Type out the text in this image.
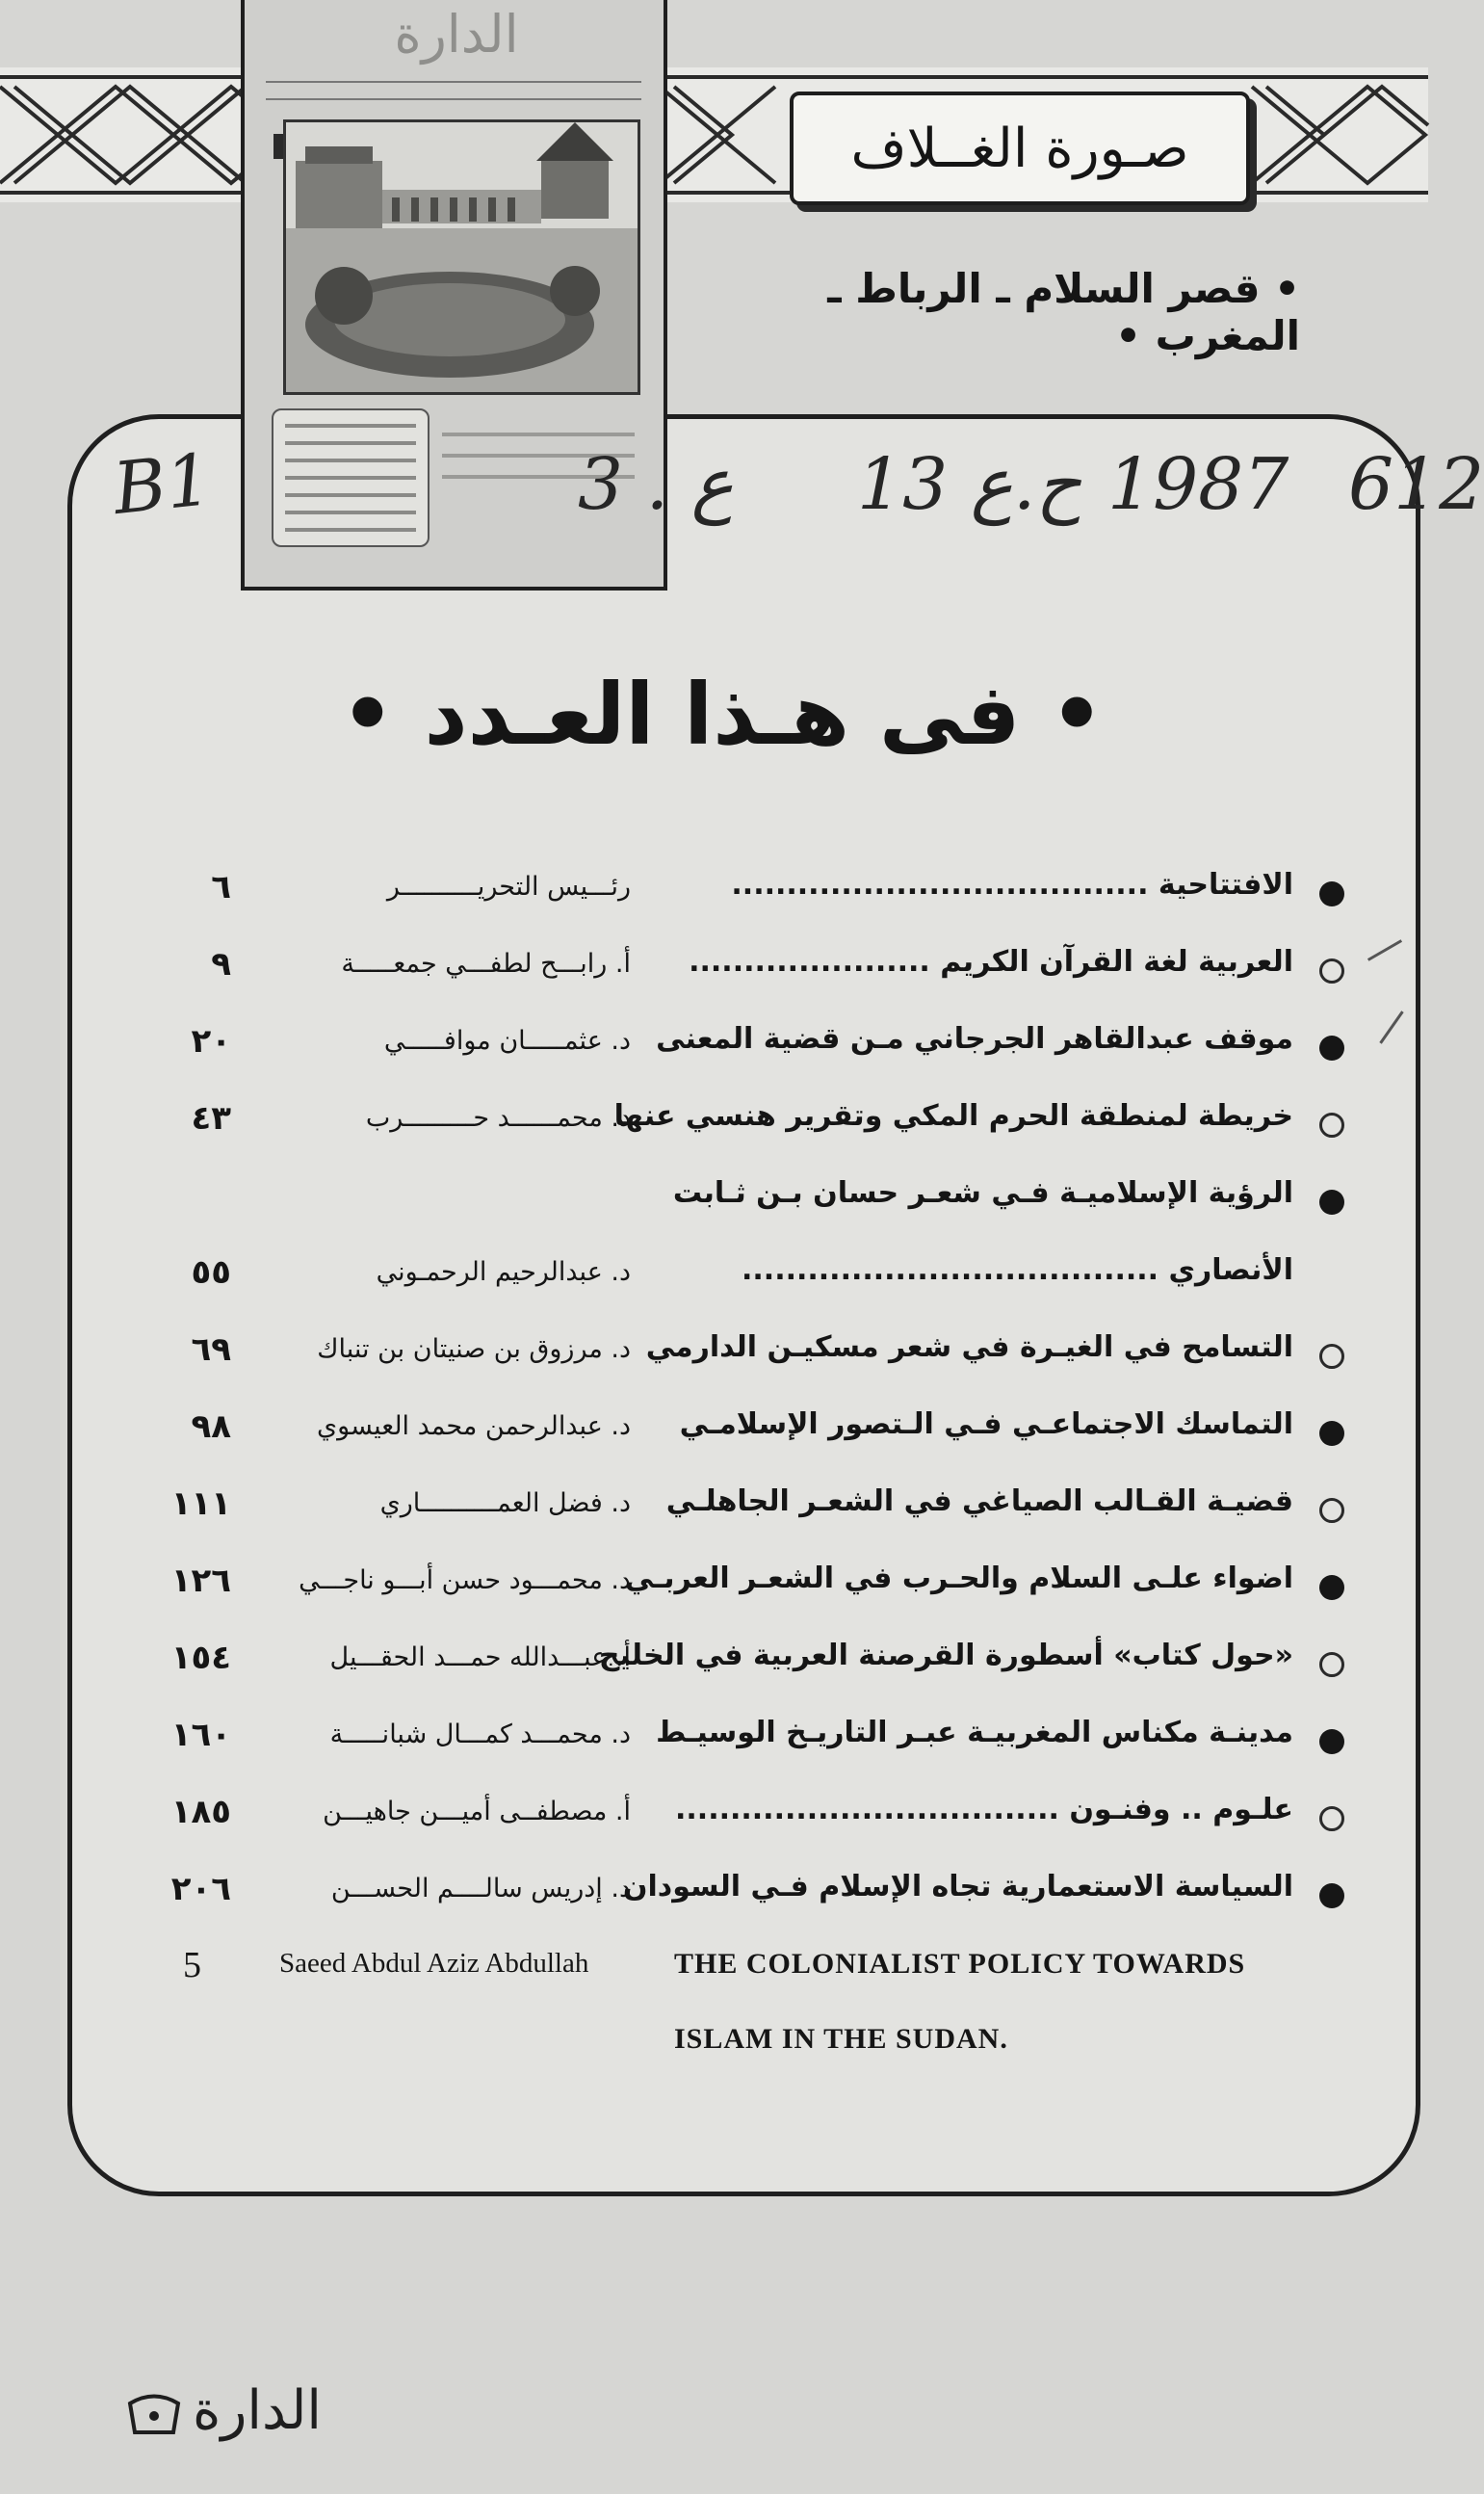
صـورة الغــلاف
• قصر السلام ـ الرباط ـ المغرب •
الدارة
B1	3 . ع 13 ح.ع 1987 612
• فى هـذا العـدد •
الافتتاحية ......................................
رئـــيس التحريــــــــــر
٦
العربية لغة القرآن الكريم ......................
أ. رابـــح لطفـــي جمعـــــة
٩
موقف عبدالقاهر الجرجاني مـن قضية المعنى
د. عثمـــــان موافـــــي
٢٠
خريطة لمنطقة الحرم المكي وتقرير هنسي عنها
د. محمــــــد حـــــــــرب
٤٣
الرؤية الإسلاميـة فـي شعـر حسان بـن ثـابت
الأنصاري ......................................
د. عبدالرحيم الرحمـوني
٥٥
التسامح في الغيـرة في شعر مسكيـن الدارمي
د. مرزوق بن صنيتان بن تنباك
٦٩
التماسك الاجتماعـي فـي الـتصور الإسلامـي
د. عبدالرحمن محمد العيسوي
٩٨
قضيـة القـالب الصياغي في الشعـر الجاهلـي
د. فضل العمــــــــــاري
١١١
اضواء علـى السلام والحـرب في الشعـر العربـي
د. محمـــود حسن أبـــو ناجـــي
١٢٦
«حول كتاب» أسطورة القرصنة العربية في الخليج
أ. عبـــدالله حمـــد الحقـــيل
١٥٤
مدينـة مكناس المغربيـة عبـر التاريـخ الوسيـط
د. محمـــد كمـــال شبانـــــة
١٦٠
علـوم .. وفنـون ...................................
أ. مصطفــى أميـــن جاهيـــن
١٨٥
السياسة الاستعمارية تجاه الإسلام فـي السودان
د. إدريس سالــــم الحســـن
٢٠٦
THE COLONIALIST POLICY TOWARDS
ISLAM IN THE SUDAN.
Saeed Abdul Aziz Abdullah
5
الدارة
